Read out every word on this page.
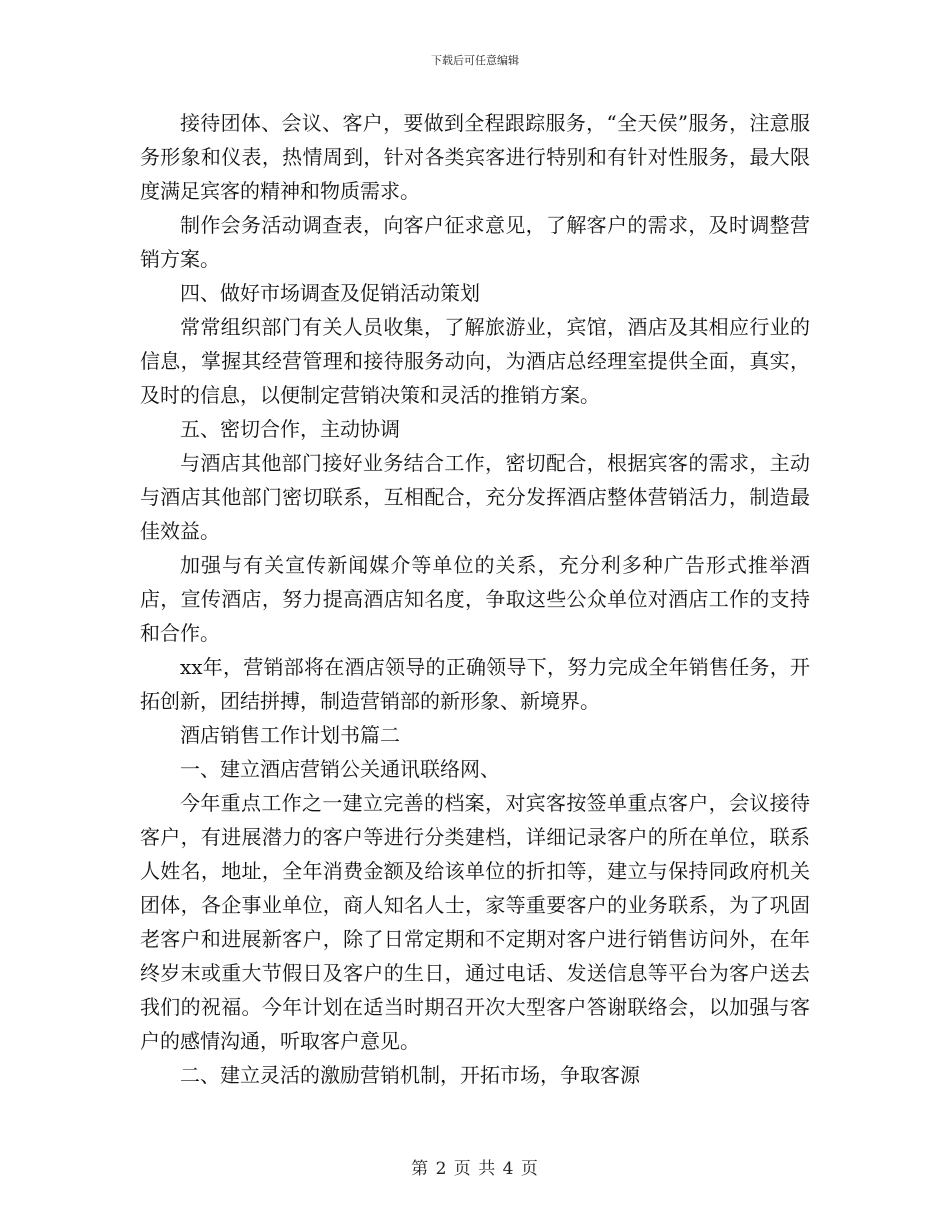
下载后可任意编辑

接待团体、会议、客户，要做到全程跟踪服务，“全天侯”服务，注意服务形象和仪表，热情周到，针对各类宾客进行特别和有针对性服务，最大限度满足宾客的精神和物质需求。

制作会务活动调查表，向客户征求意见，了解客户的需求，及时调整营销方案。

四、做好市场调查及促销活动策划

常常组织部门有关人员收集，了解旅游业，宾馆，酒店及其相应行业的信息，掌握其经营管理和接待服务动向，为酒店总经理室提供全面，真实，及时的信息，以便制定营销决策和灵活的推销方案。

五、密切合作，主动协调

与酒店其他部门接好业务结合工作，密切配合，根据宾客的需求，主动与酒店其他部门密切联系，互相配合，充分发挥酒店整体营销活力，制造最佳效益。

加强与有关宣传新闻媒介等单位的关系，充分利多种广告形式推举酒店，宣传酒店，努力提高酒店知名度，争取这些公众单位对酒店工作的支持和合作。

xx年，营销部将在酒店领导的正确领导下，努力完成全年销售任务，开拓创新，团结拼搏，制造营销部的新形象、新境界。

酒店销售工作计划书篇二

一、建立酒店营销公关通讯联络网、

今年重点工作之一建立完善的档案，对宾客按签单重点客户，会议接待客户，有进展潜力的客户等进行分类建档，详细记录客户的所在单位，联系人姓名，地址，全年消费金额及给该单位的折扣等，建立与保持同政府机关团体，各企事业单位，商人知名人士，家等重要客户的业务联系，为了巩固老客户和进展新客户，除了日常定期和不定期对客户进行销售访问外，在年终岁末或重大节假日及客户的生日，通过电话、发送信息等平台为客户送去我们的祝福。今年计划在适当时期召开次大型客户答谢联络会，以加强与客户的感情沟通，听取客户意见。

二、建立灵活的激励营销机制，开拓市场，争取客源

第 2 页 共 4 页
